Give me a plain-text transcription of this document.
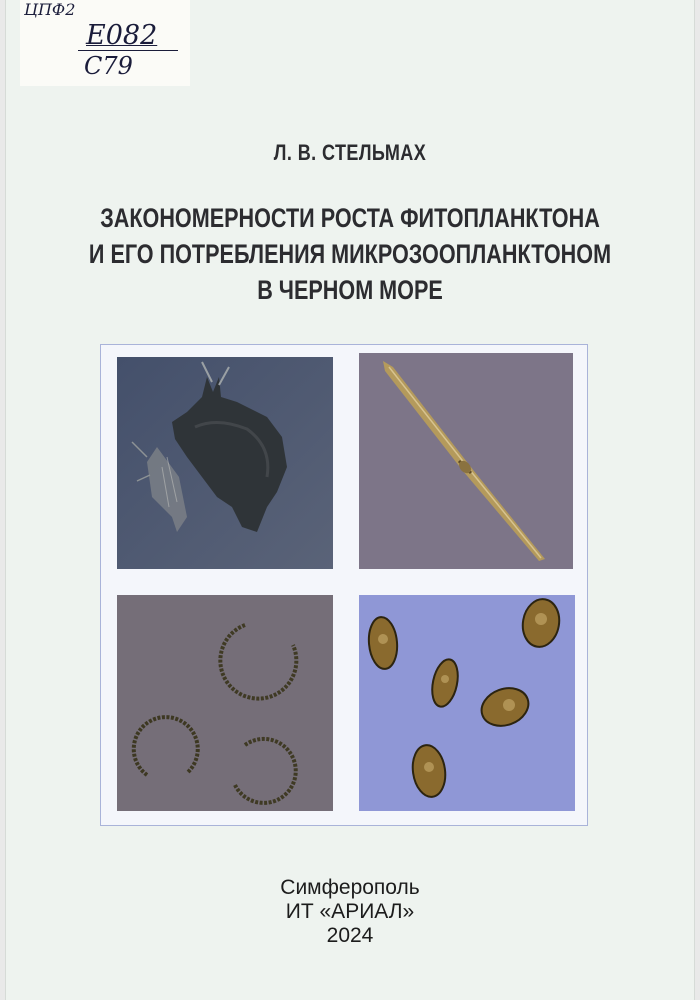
ЦПФ2
Е082
С79
Л. В. СТЕЛЬМАХ
ЗАКОНОМЕРНОСТИ РОСТА ФИТОПЛАНКТОНА
И ЕГО ПОТРЕБЛЕНИЯ МИКРОЗООПЛАНКТОНОМ
В ЧЕРНОМ МОРЕ
Симферополь
ИТ «АРИАЛ»
2024
